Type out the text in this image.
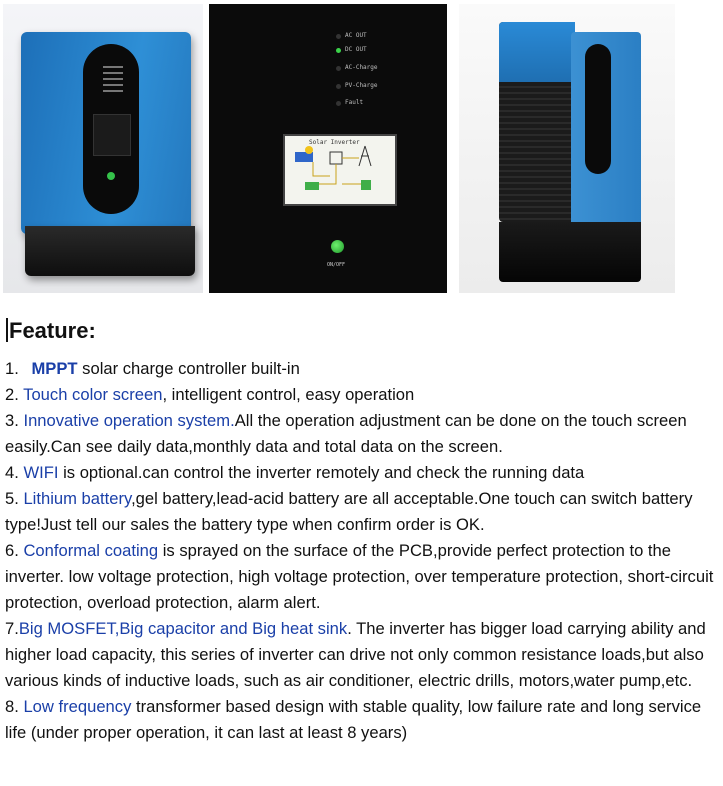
AC OUT
DC OUT
AC-Charge
PV-Charge
Fault
Solar Inverter
ON/OFF
Feature:

1. MPPT solar charge controller built-in

2. Touch color screen, intelligent control, easy operation

3. Innovative operation system.All the operation adjustment can be done on the touch screen easily.Can see daily data,monthly data and total data on the screen.

4. WIFI is optional.can control the inverter remotely and check the running data

5. Lithium battery,gel battery,lead-acid battery are all acceptable.One touch can switch battery type!Just tell our sales the battery type when confirm order is OK.

6. Conformal coating is sprayed on the surface of the PCB,provide perfect protection to the inverter. low voltage protection, high voltage protection, over temperature protection, short-circuit protection, overload protection, alarm alert.

7.Big MOSFET,Big capacitor and Big heat sink. The inverter has bigger load carrying ability and higher load capacity, this series of inverter can drive not only common resistance loads,but also various kinds of inductive loads, such as air conditioner, electric drills, motors,water pump,etc.

8. Low frequency transformer based design with stable quality, low failure rate and long service life (under proper operation, it can last at least 8 years)
